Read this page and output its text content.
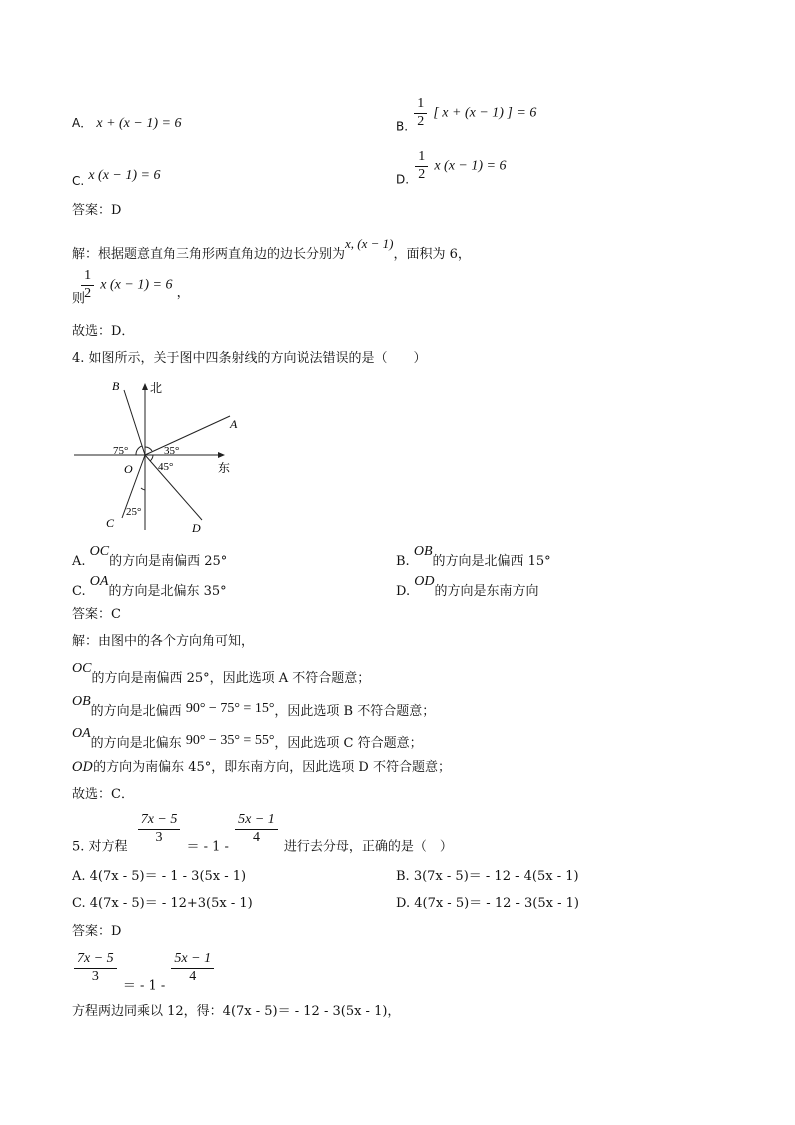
A． x + (x − 1) = 6	B. $\frac{1}{2}$ [ x + (x − 1) ] = 6
C. x (x − 1) = 6	D. $\frac{1}{2}$ x (x − 1) = 6
答案：D
解：根据题意直角三角形两直角边的边长分别为x, (x − 1)，面积为 6，
则
$\frac{1}{2}$ x (x − 1) = 6 ，
故选：D．
4. 如图所示，关于图中四条射线的方向说法错误的是（　　）
北
东
A
B
C	D
O
75°	35°
45°
25°
A. OC的方向是南偏西 25°	B. OB的方向是北偏西 15°
C. OA的方向是北偏东 35°	D. OD的方向是东南方向
答案：C
解：由图中的各个方向角可知，
OC的方向是南偏西 25°，因此选项 A 不符合题意；
OB的方向是北偏西 90° − 75° = 15°，因此选项 B 不符合题意；
OA的方向是北偏东 90° − 35° = 55°，因此选项 C 符合题意；
OD的方向为南偏东 45°，即东南方向，因此选项 D 不符合题意；
故选：C．
5. 对方程
$\frac{7x - 5}{3}$
＝ - 1 -
$\frac{5x - 1}{4}$
进行去分母，正确的是（　）
A. 4(7x - 5)＝ - 1 - 3(5x - 1)	B. 3(7x - 5)＝ - 12 - 4(5x - 1)
C. 4(7x - 5)＝ - 12+3(5x - 1)	D. 4(7x - 5)＝ - 12 - 3(5x - 1)
答案：D
$\frac{7x - 5}{3}$
＝ - 1 -
$\frac{5x - 1}{4}$
方程两边同乘以 12，得：4(7x - 5)＝ - 12 - 3(5x - 1)，
